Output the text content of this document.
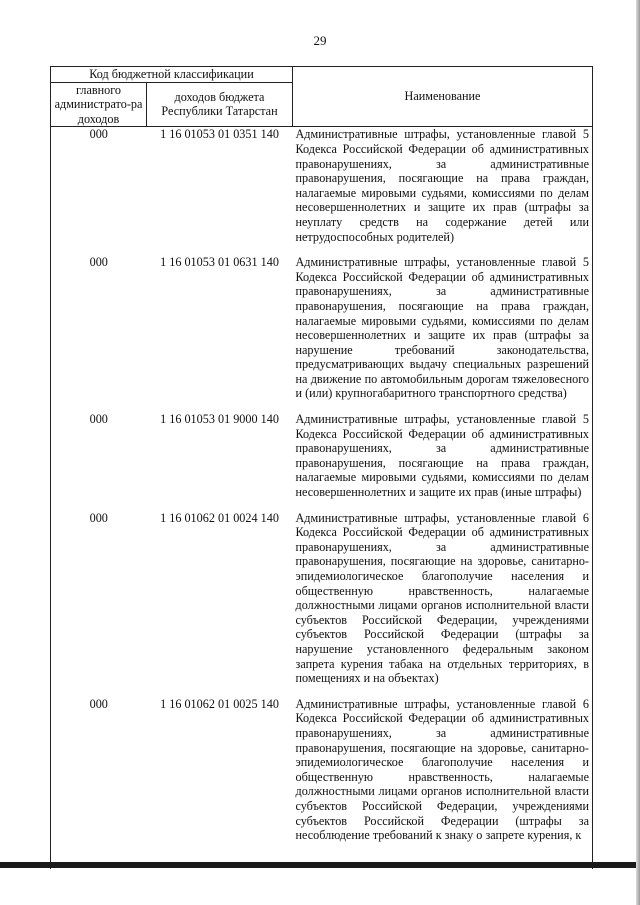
29
Код бюджетной классификации		Наименование
главного администрато-ра доходов	доходов бюджета Республики Татарстан	
000	1 16 01053 01 0351 140	Административные штрафы, установленные главой 5 Кодекса Российской Федерации об административных правонарушениях, за административные правонарушения, посягающие на права граждан, налагаемые мировыми судьями, комиссиями по делам несовершеннолетних и защите их прав (штрафы за неуплату средств на содержание детей или нетрудоспособных родителей)

000	1 16 01053 01 0631 140	Административные штрафы, установленные главой 5 Кодекса Российской Федерации об административных правонарушениях, за административные правонарушения, посягающие на права граждан, налагаемые мировыми судьями, комиссиями по делам несовершеннолетних и защите их прав (штрафы за нарушение требований законодательства, предусматривающих выдачу специальных разрешений на движение по автомобильным дорогам тяжеловесного и (или) крупногабаритного транспортного средства)

000	1 16 01053 01 9000 140	Административные штрафы, установленные главой 5 Кодекса Российской Федерации об административных правонарушениях, за административные правонарушения, посягающие на права граждан, налагаемые мировыми судьями, комиссиями по делам несовершеннолетних и защите их прав (иные штрафы)

000	1 16 01062 01 0024 140	Административные штрафы, установленные главой 6 Кодекса Российской Федерации об административных правонарушениях, за административные правонарушения, посягающие на здоровье, санитарно-эпидемиологическое благополучие населения и общественную нравственность, налагаемые должностными лицами органов исполнительной власти субъектов Российской Федерации, учреждениями субъектов Российской Федерации (штрафы за нарушение установленного федеральным законом запрета курения табака на отдельных территориях, в помещениях и на объектах)

000	1 16 01062 01 0025 140	Административные штрафы, установленные главой 6 Кодекса Российской Федерации об административных правонарушениях, за административные правонарушения, посягающие на здоровье, санитарно-эпидемиологическое благополучие населения и общественную нравственность, налагаемые должностными лицами органов исполнительной власти субъектов Российской Федерации, учреждениями субъектов Российской Федерации (штрафы за несоблюдение требований к знаку о запрете курения, к
